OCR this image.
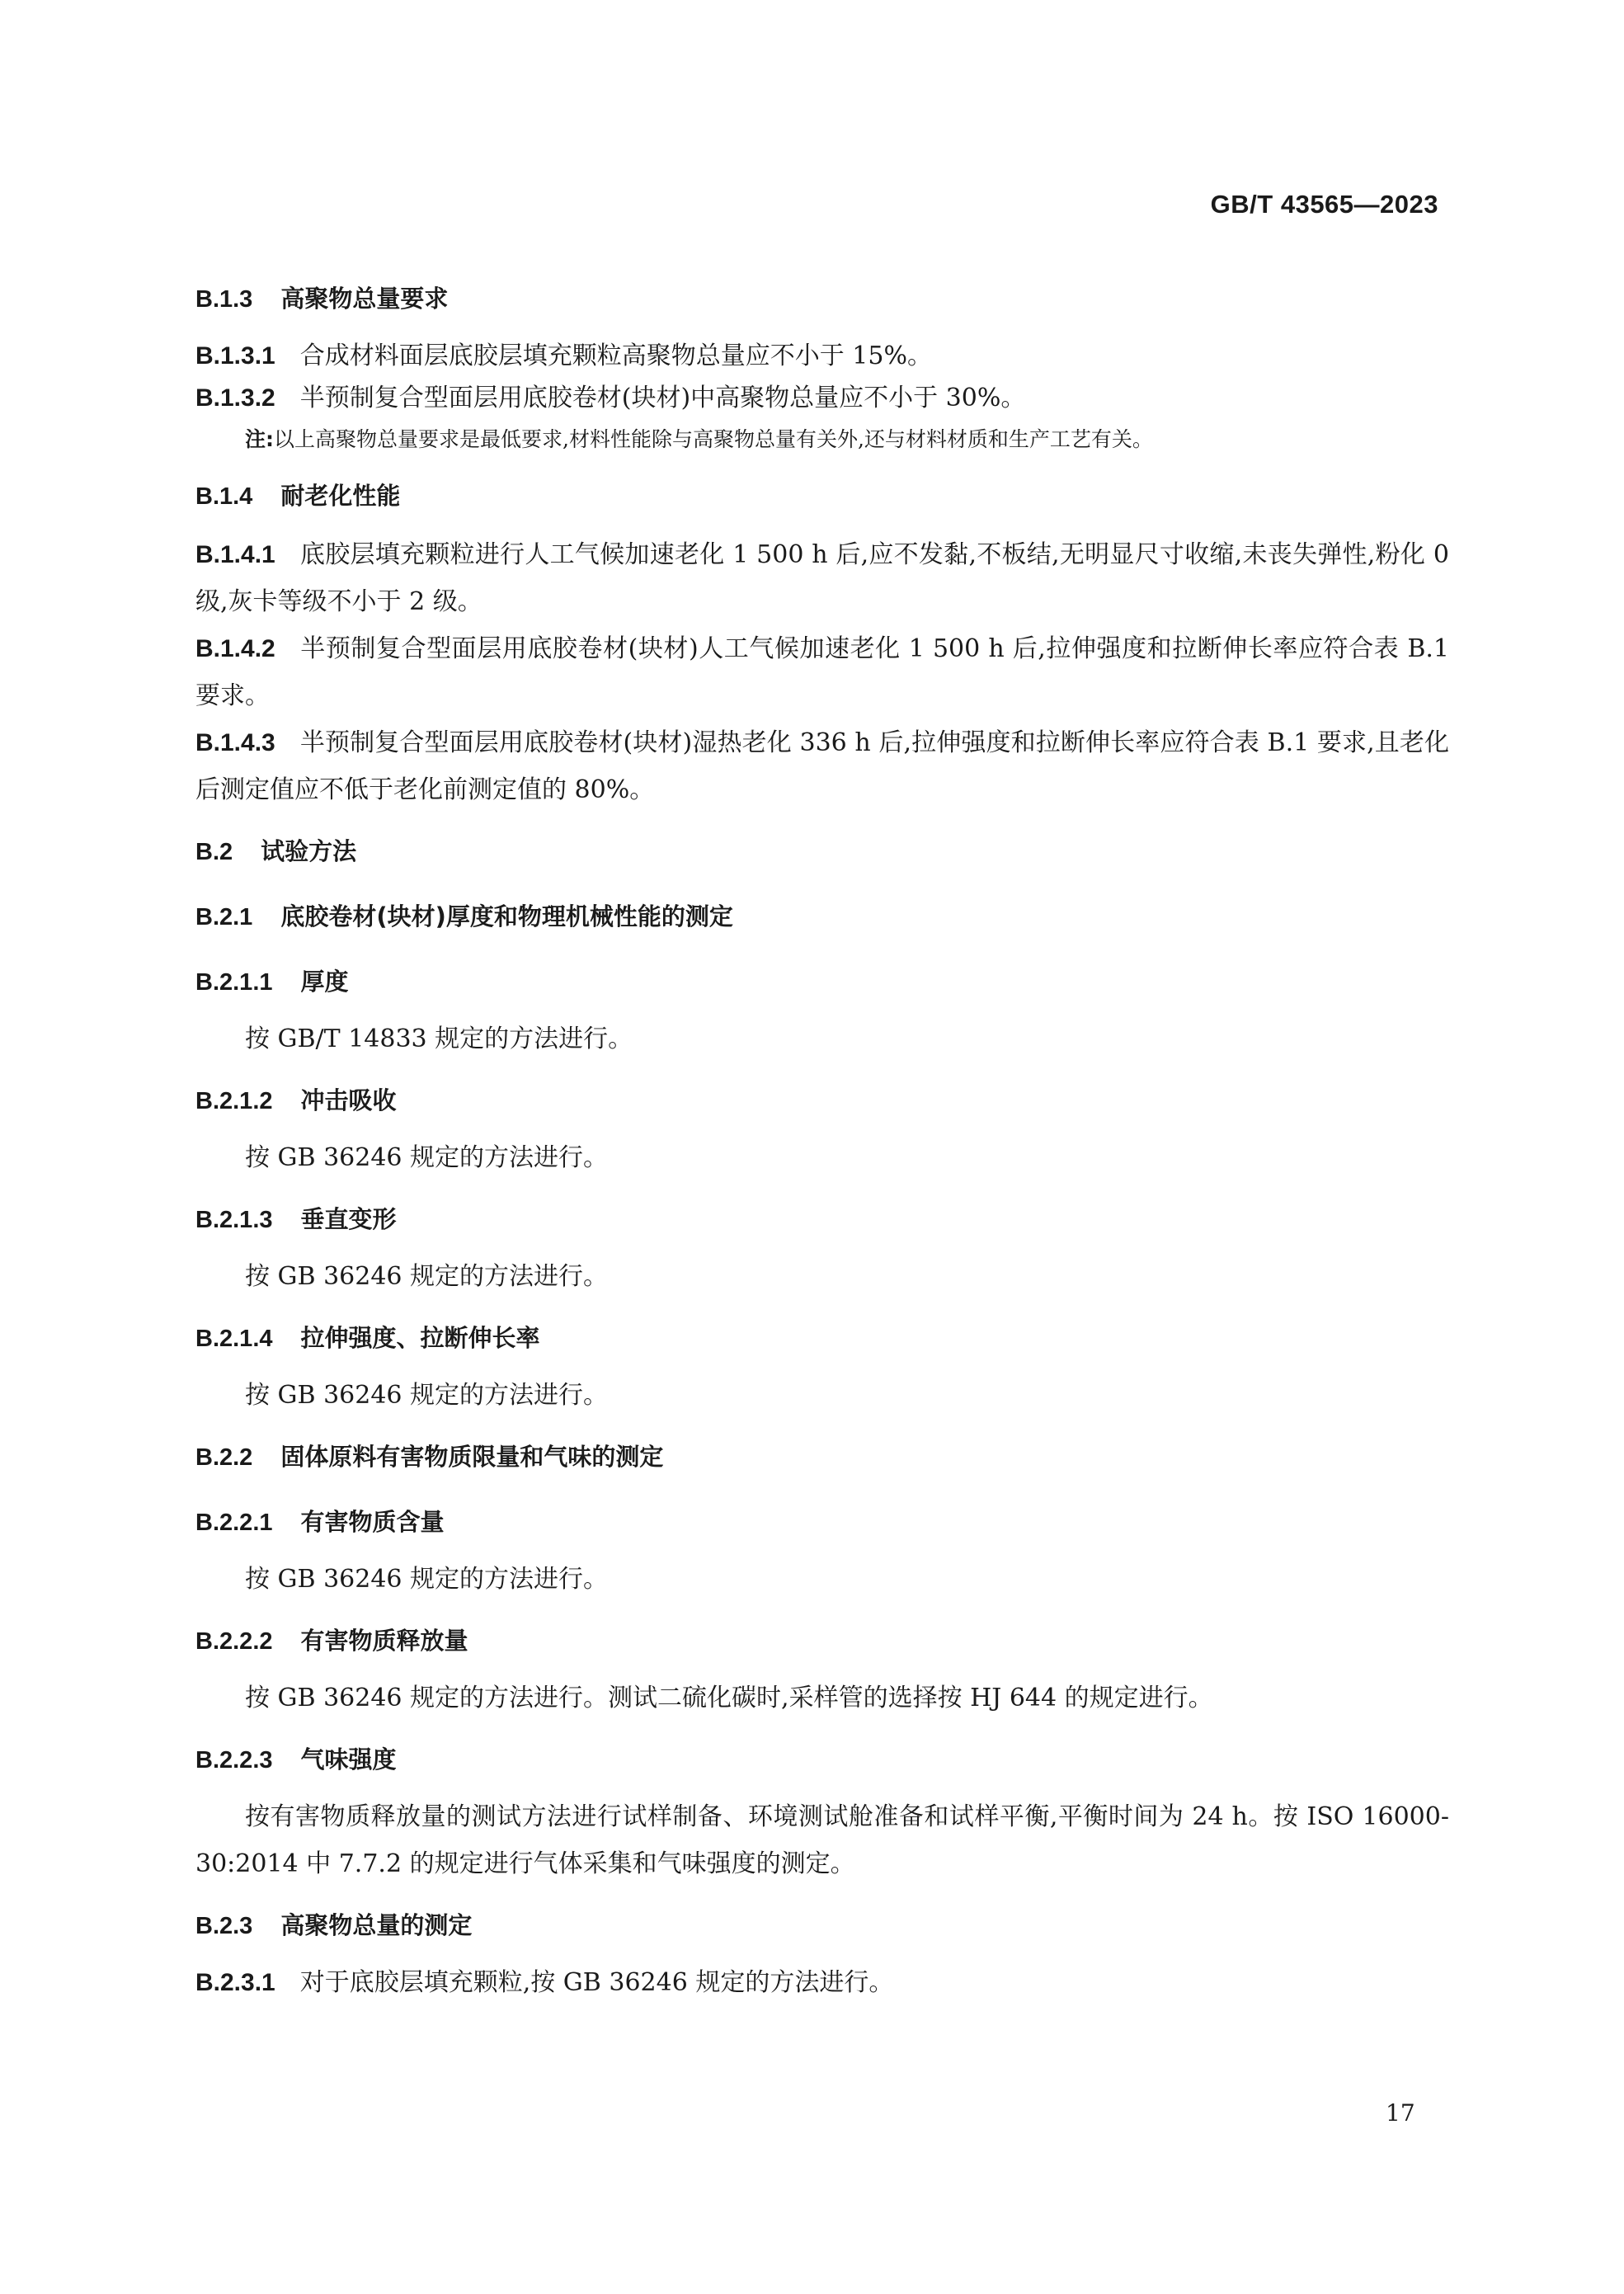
GB/T 43565—2023
B.1.3 高聚物总量要求
B.1.3.1 合成材料面层底胶层填充颗粒高聚物总量应不小于 15%。
B.1.3.2 半预制复合型面层用底胶卷材(块材)中高聚物总量应不小于 30%。
注:以上高聚物总量要求是最低要求,材料性能除与高聚物总量有关外,还与材料材质和生产工艺有关。
B.1.4 耐老化性能
B.1.4.1 底胶层填充颗粒进行人工气候加速老化 1 500 h 后,应不发黏,不板结,无明显尺寸收缩,未丧失弹性,粉化 0 级,灰卡等级不小于 2 级。
B.1.4.2 半预制复合型面层用底胶卷材(块材)人工气候加速老化 1 500 h 后,拉伸强度和拉断伸长率应符合表 B.1 要求。
B.1.4.3 半预制复合型面层用底胶卷材(块材)湿热老化 336 h 后,拉伸强度和拉断伸长率应符合表 B.1 要求,且老化后测定值应不低于老化前测定值的 80%。
B.2 试验方法
B.2.1 底胶卷材(块材)厚度和物理机械性能的测定
B.2.1.1 厚度
按 GB/T 14833 规定的方法进行。
B.2.1.2 冲击吸收
按 GB 36246 规定的方法进行。
B.2.1.3 垂直变形
按 GB 36246 规定的方法进行。
B.2.1.4 拉伸强度、拉断伸长率
按 GB 36246 规定的方法进行。
B.2.2 固体原料有害物质限量和气味的测定
B.2.2.1 有害物质含量
按 GB 36246 规定的方法进行。
B.2.2.2 有害物质释放量
按 GB 36246 规定的方法进行。测试二硫化碳时,采样管的选择按 HJ 644 的规定进行。
B.2.2.3 气味强度
按有害物质释放量的测试方法进行试样制备、环境测试舱准备和试样平衡,平衡时间为 24 h。按 ISO 16000-30:2014 中 7.7.2 的规定进行气体采集和气味强度的测定。
B.2.3 高聚物总量的测定
B.2.3.1 对于底胶层填充颗粒,按 GB 36246 规定的方法进行。
17
